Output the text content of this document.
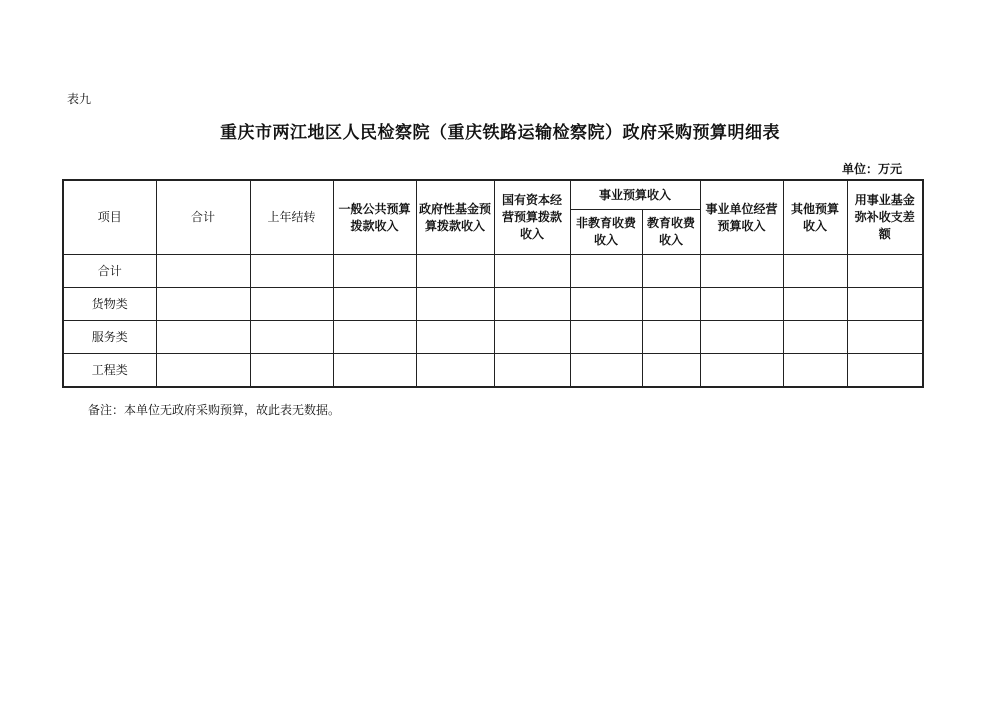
表九
重庆市两江地区人民检察院（重庆铁路运输检察院）政府采购预算明细表
单位：万元
项目	合计	上年结转	一般公共预算拨款收入	政府性基金预算拨款收入	国有资本经营预算拨款收入	事业预算收入		事业单位经营预算收入	其他预算收入	用事业基金弥补收支差额
						非教育收费收入	教育收费收入			
合计										
货物类										
服务类										
工程类										
备注：本单位无政府采购预算，故此表无数据。
